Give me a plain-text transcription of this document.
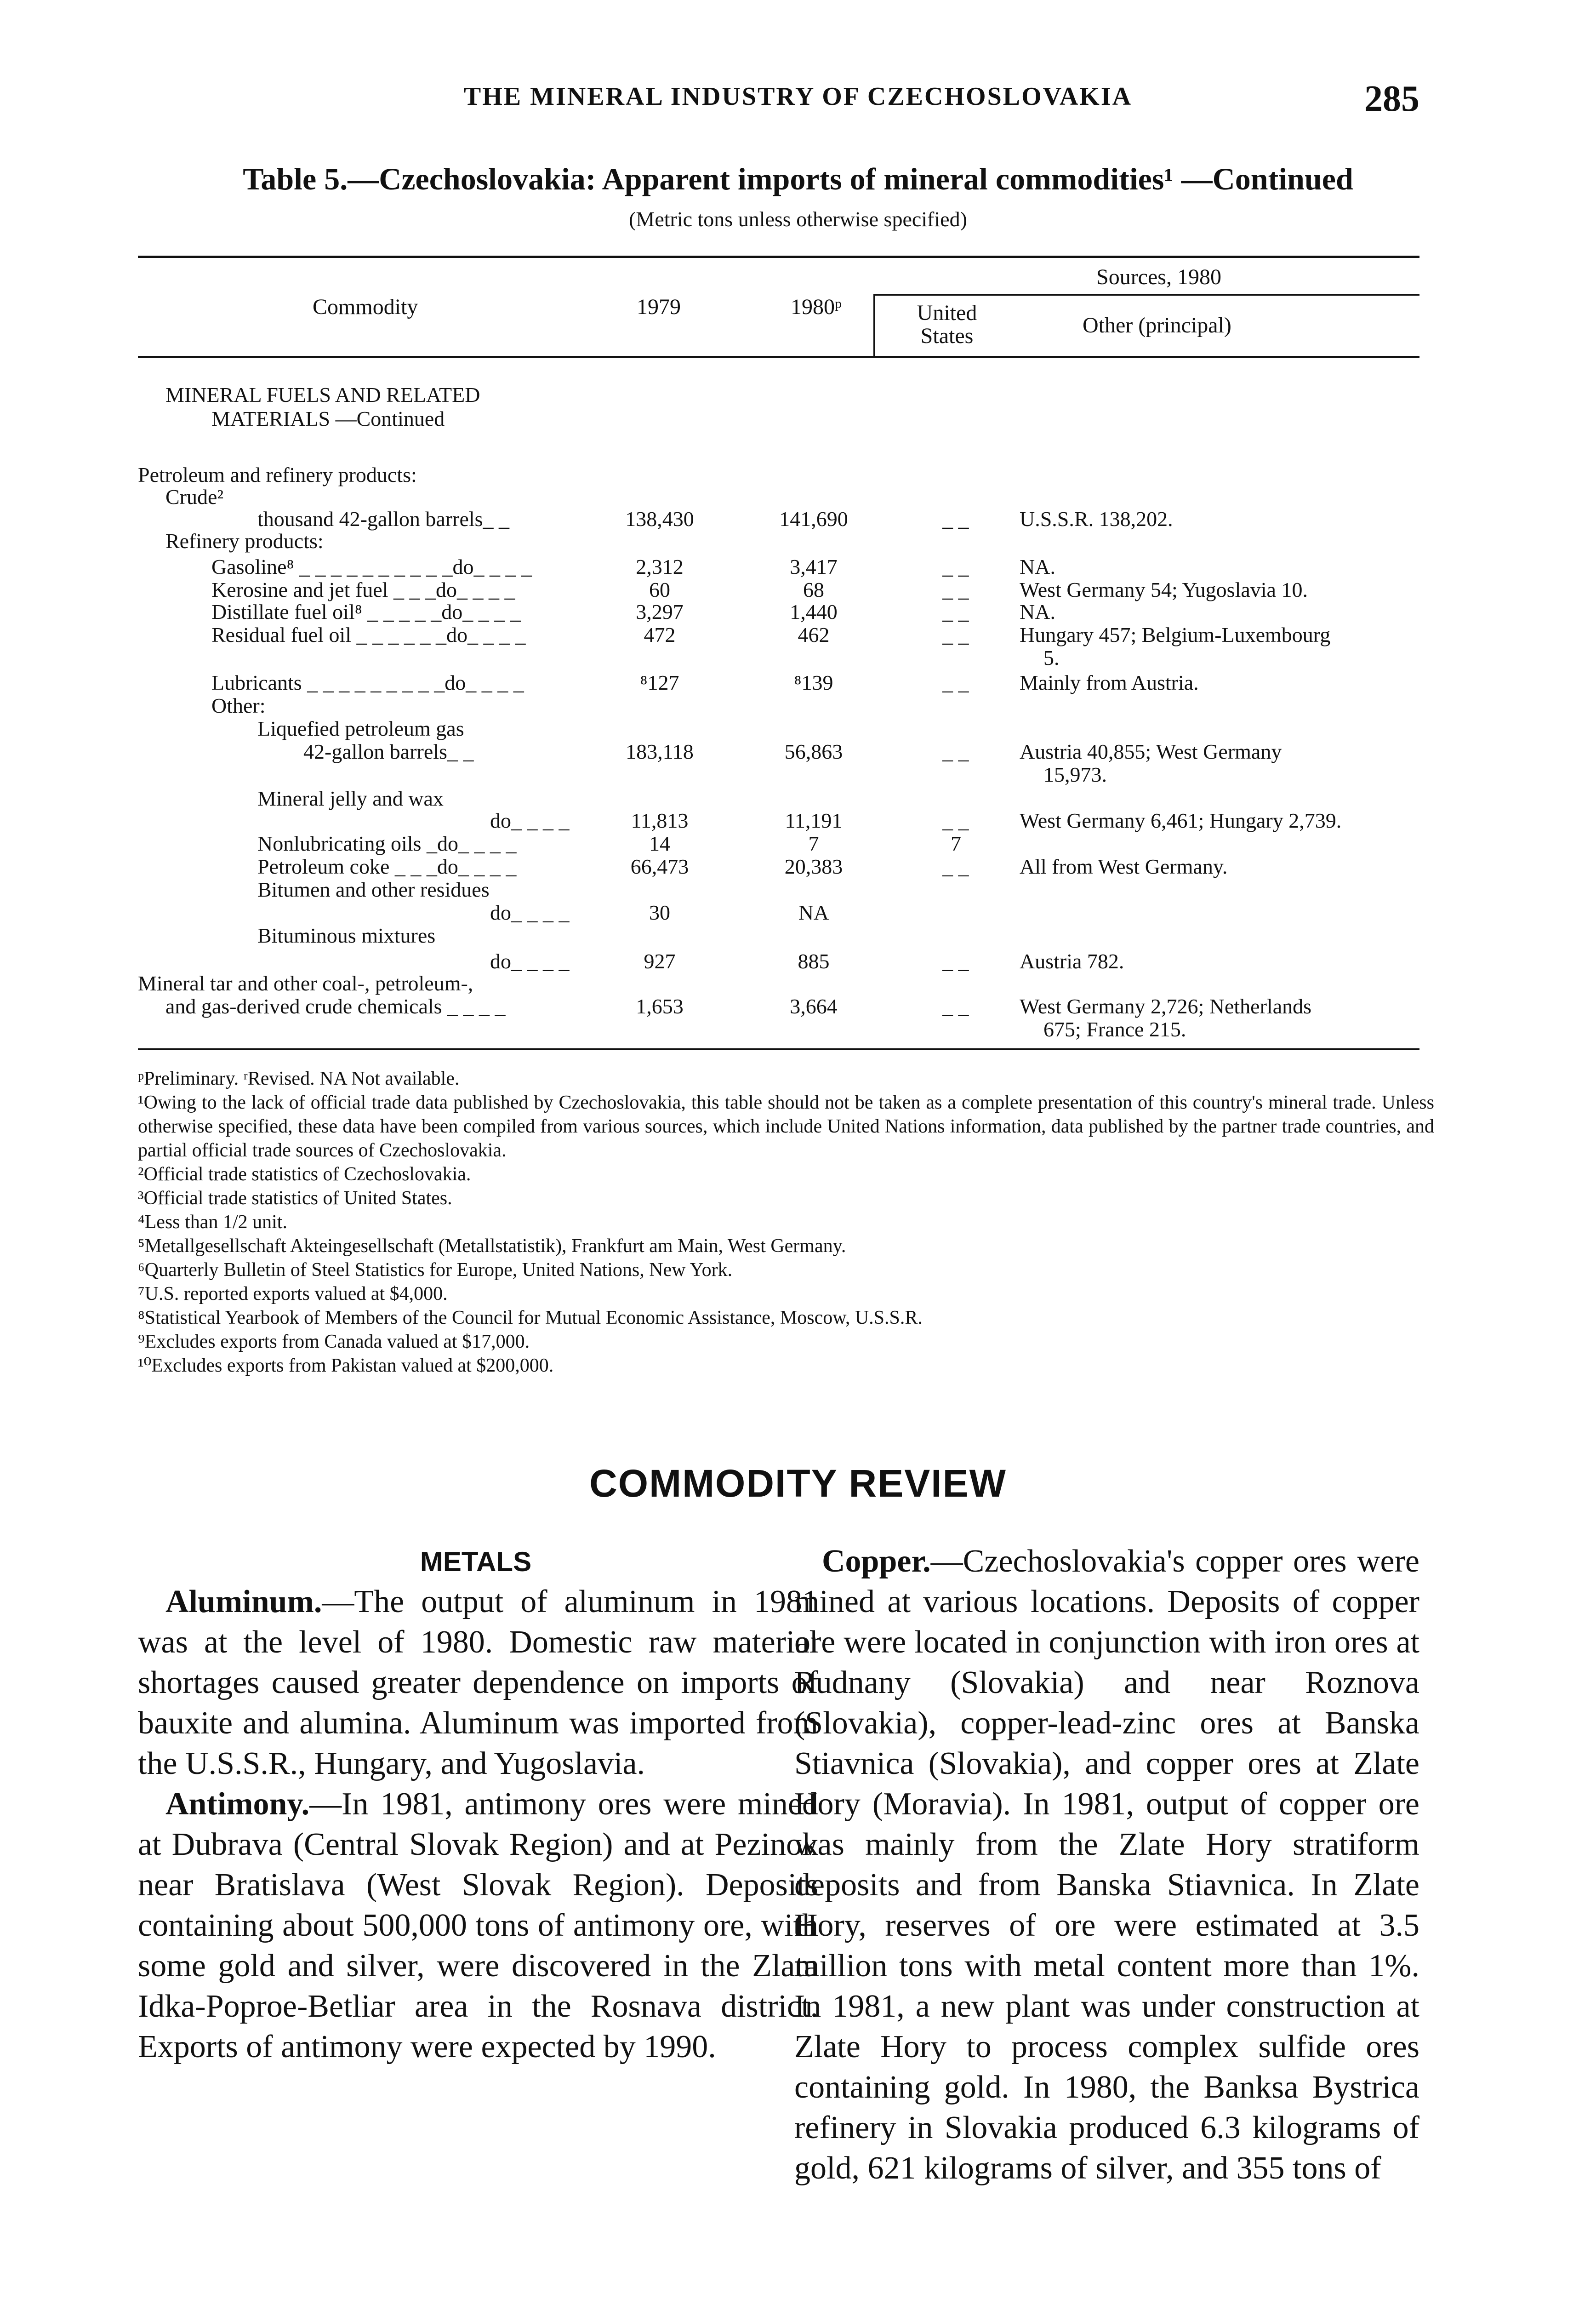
THE MINERAL INDUSTRY OF CZECHOSLOVAKIA	285
Table 5.—Czechoslovakia: Apparent imports of mineral commodities¹ —Continued
(Metric tons unless otherwise specified)
Commodity	1979	1980ᵖ
Sources, 1980
United States	Other (principal)
MINERAL FUELS AND RELATED
MATERIALS —Continued
Petroleum and refinery products:
Crude²
thousand 42-gallon barrels_ _	138,430	141,690	_ _ U.S.S.R. 138,202.
Refinery products:
Gasoline⁸ _ _ _ _ _ _ _ _ _ _do_ _ _ _	2,312	3,417	_ _ NA.
Kerosine and jet fuel _ _ _do_ _ _ _	60	68	_ _ West Germany 54; Yugoslavia 10.
Distillate fuel oil⁸ _ _ _ _ _do_ _ _ _	3,297	1,440	_ _ NA.
Residual fuel oil _ _ _ _ _ _do_ _ _ _	472	462	_ _ Hungary 457; Belgium-Luxembourg
5.
Lubricants _ _ _ _ _ _ _ _ _do_ _ _ _	⁸127	⁸139	_ _ Mainly from Austria.
Other:
Liquefied petroleum gas
42-gallon barrels_ _	183,118	56,863	_ _ Austria 40,855; West Germany
15,973.
Mineral jelly and wax
do_ _ _ _	11,813	11,191	_ _ West Germany 6,461; Hungary 2,739.
Nonlubricating oils _do_ _ _ _	14	7	7
Petroleum coke _ _ _do_ _ _ _	66,473	20,383	_ _ All from West Germany.
Bitumen and other residues
do_ _ _ _	30	NA
Bituminous mixtures
do_ _ _ _	927	885	_ _ Austria 782.
Mineral tar and other coal-, petroleum-,
and gas-derived crude chemicals _ _ _ _	1,653	3,664	_ _ West Germany 2,726; Netherlands
675; France 215.
ᵖPreliminary. ʳRevised. NA Not available.
¹Owing to the lack of official trade data published by Czechoslovakia, this table should not be taken as a complete presentation of this country's mineral trade. Unless otherwise specified, these data have been compiled from various sources, which include United Nations information, data published by the partner trade countries, and partial official trade sources of Czechoslovakia.
²Official trade statistics of Czechoslovakia.
³Official trade statistics of United States.
⁴Less than 1/2 unit.
⁵Metallgesellschaft Akteingesellschaft (Metallstatistik), Frankfurt am Main, West Germany.
⁶Quarterly Bulletin of Steel Statistics for Europe, United Nations, New York.
⁷U.S. reported exports valued at $4,000.
⁸Statistical Yearbook of Members of the Council for Mutual Economic Assistance, Moscow, U.S.S.R.
⁹Excludes exports from Canada valued at $17,000.
¹⁰Excludes exports from Pakistan valued at $200,000.
COMMODITY REVIEW
METALS

Aluminum.—The output of aluminum in 1981 was at the level of 1980. Domestic raw material shortages caused greater dependence on imports of bauxite and alumina. Aluminum was imported from the U.S.S.R., Hungary, and Yugoslavia.

Antimony.—In 1981, antimony ores were mined at Dubrava (Central Slovak Region) and at Pezinok near Bratislava (West Slovak Region). Deposits containing about 500,000 tons of antimony ore, with some gold and silver, were discovered in the Zlata Idka-Poproe-Betliar area in the Rosnava district. Exports of antimony were expected by 1990.

Copper.—Czechoslovakia's copper ores were mined at various locations. Deposits of copper ore were located in conjunction with iron ores at Rudnany (Slovakia) and near Roznova (Slovakia), copper-lead-zinc ores at Banska Stiavnica (Slovakia), and copper ores at Zlate Hory (Moravia). In 1981, output of copper ore was mainly from the Zlate Hory stratiform deposits and from Banska Stiavnica. In Zlate Hory, reserves of ore were estimated at 3.5 million tons with metal content more than 1%. In 1981, a new plant was under construction at Zlate Hory to process complex sulfide ores containing gold. In 1980, the Banksa Bystrica refinery in Slovakia produced 6.3 kilograms of gold, 621 kilograms of silver, and 355 tons of
